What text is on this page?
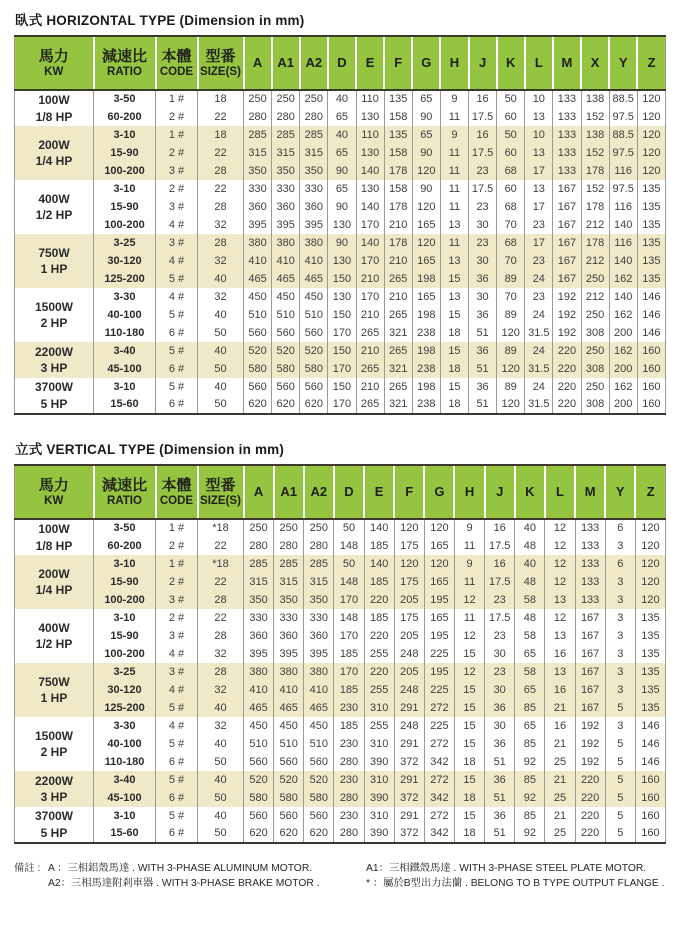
臥式 HORIZONTAL TYPE (Dimension in mm)
馬力
KW	減速比
RATIO	本體
CODE	型番
SIZE(S)	A	A1	A2	D	E	F	G	H	J	K	L	M	X	Y	Z

100W
1/8 HP	3-50	1 #	18	250	250	250	40	110	135	65	9	16	50	10	133	138	88.5	120
	60-200	2 #	22	280	280	280	65	130	158	90	11	17.5	60	13	133	152	97.5	120

200W
1/4 HP	3-10	1 #	18	285	285	285	40	110	135	65	9	16	50	10	133	138	88.5	120
	15-90	2 #	22	315	315	315	65	130	158	90	11	17.5	60	13	133	152	97.5	120
	100-200	3 #	28	350	350	350	90	140	178	120	11	23	68	17	133	178	116	120

400W
1/2 HP	3-10	2 #	22	330	330	330	65	130	158	90	11	17.5	60	13	167	152	97.5	135
	15-90	3 #	28	360	360	360	90	140	178	120	11	23	68	17	167	178	116	135
	100-200	4 #	32	395	395	395	130	170	210	165	13	30	70	23	167	212	140	135

750W
1 HP	3-25	3 #	28	380	380	380	90	140	178	120	11	23	68	17	167	178	116	135
	30-120	4 #	32	410	410	410	130	170	210	165	13	30	70	23	167	212	140	135
	125-200	5 #	40	465	465	465	150	210	265	198	15	36	89	24	167	250	162	135

1500W
2 HP	3-30	4 #	32	450	450	450	130	170	210	165	13	30	70	23	192	212	140	146
	40-100	5 #	40	510	510	510	150	210	265	198	15	36	89	24	192	250	162	146
	110-180	6 #	50	560	560	560	170	265	321	238	18	51	120	31.5	192	308	200	146

2200W
3 HP	3-40	5 #	40	520	520	520	150	210	265	198	15	36	89	24	220	250	162	160
	45-100	6 #	50	580	580	580	170	265	321	238	18	51	120	31.5	220	308	200	160

3700W
5 HP	3-10	5 #	40	560	560	560	150	210	265	198	15	36	89	24	220	250	162	160
	15-60	6 #	50	620	620	620	170	265	321	238	18	51	120	31.5	220	308	200	160
立式 VERTICAL TYPE (Dimension in mm)
馬力
KW	減速比
RATIO	本體
CODE	型番
SIZE(S)	A	A1	A2	D	E	F	G	H	J	K	L	M	Y	Z

100W
1/8 HP	3-50	1 #	*18	250	250	250	50	140	120	120	9	16	40	12	133	6	120
	60-200	2 #	22	280	280	280	148	185	175	165	11	17.5	48	12	133	3	120

200W
1/4 HP	3-10	1 #	*18	285	285	285	50	140	120	120	9	16	40	12	133	6	120
	15-90	2 #	22	315	315	315	148	185	175	165	11	17.5	48	12	133	3	120
	100-200	3 #	28	350	350	350	170	220	205	195	12	23	58	13	133	3	120

400W
1/2 HP	3-10	2 #	22	330	330	330	148	185	175	165	11	17.5	48	12	167	3	135
	15-90	3 #	28	360	360	360	170	220	205	195	12	23	58	13	167	3	135
	100-200	4 #	32	395	395	395	185	255	248	225	15	30	65	16	167	3	135

750W
1 HP	3-25	3 #	28	380	380	380	170	220	205	195	12	23	58	13	167	3	135
	30-120	4 #	32	410	410	410	185	255	248	225	15	30	65	16	167	3	135
	125-200	5 #	40	465	465	465	230	310	291	272	15	36	85	21	167	5	135

1500W
2 HP	3-30	4 #	32	450	450	450	185	255	248	225	15	30	65	16	192	3	146
	40-100	5 #	40	510	510	510	230	310	291	272	15	36	85	21	192	5	146
	110-180	6 #	50	560	560	560	280	390	372	342	18	51	92	25	192	5	146

2200W
3 HP	3-40	5 #	40	520	520	520	230	310	291	272	15	36	85	21	220	5	160
	45-100	6 #	50	580	580	580	280	390	372	342	18	51	92	25	220	5	160

3700W
5 HP	3-10	5 #	40	560	560	560	230	310	291	272	15	36	85	21	220	5	160
	15-60	6 #	50	620	620	620	280	390	372	342	18	51	92	25	220	5	160
備註 : A ：三相鋁殼馬達 . WITH 3-PHASE ALUMINUM MOTOR.	A1：三相鐵殼馬達 . WITH 3-PHASE STEEL PLATE MOTOR.
A2：三相馬達附剎車器 . WITH 3-PHASE BRAKE MOTOR .	* ：屬於B型出力法蘭 . BELONG TO B TYPE OUTPUT FLANGE .
